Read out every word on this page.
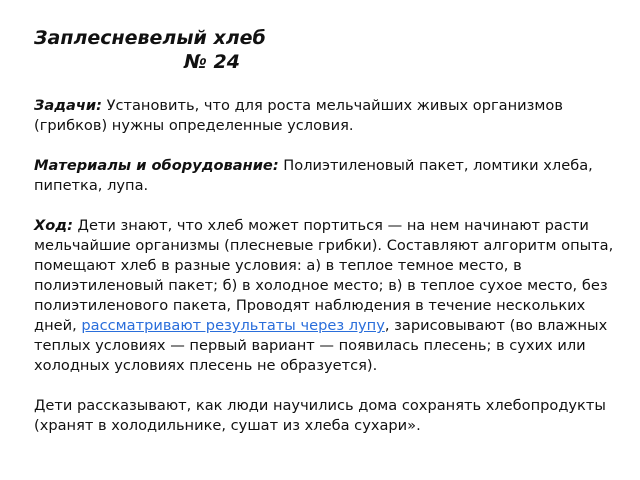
Заплесневелый хлеб

№ 24

Задачи: Установить, что для роста мельчайших живых организмов (грибков) нужны определенные условия.

Материалы и оборудование: Полиэтиленовый пакет, ломтики хлеба, пипетка, лупа.

Ход: Дети знают, что хлеб может портиться — на нем начинают расти мельчайшие организмы (плесневые грибки). Составляют алгоритм опыта, помещают хлеб в разные условия: а) в теплое темное место, в полиэтиленовый пакет; б) в холодное место; в) в теплое сухое место, без полиэтиленового пакета, Проводят наблюдения в течение нескольких дней, рассматривают результаты через лупу, зарисовывают (во влажных теплых условиях — первый вариант — появилась плесень; в сухих или холодных условиях плесень не образуется).

Дети рассказывают, как люди научились дома сохранять хлебопродукты (хранят в холодильнике, сушат из хлеба сухари».
